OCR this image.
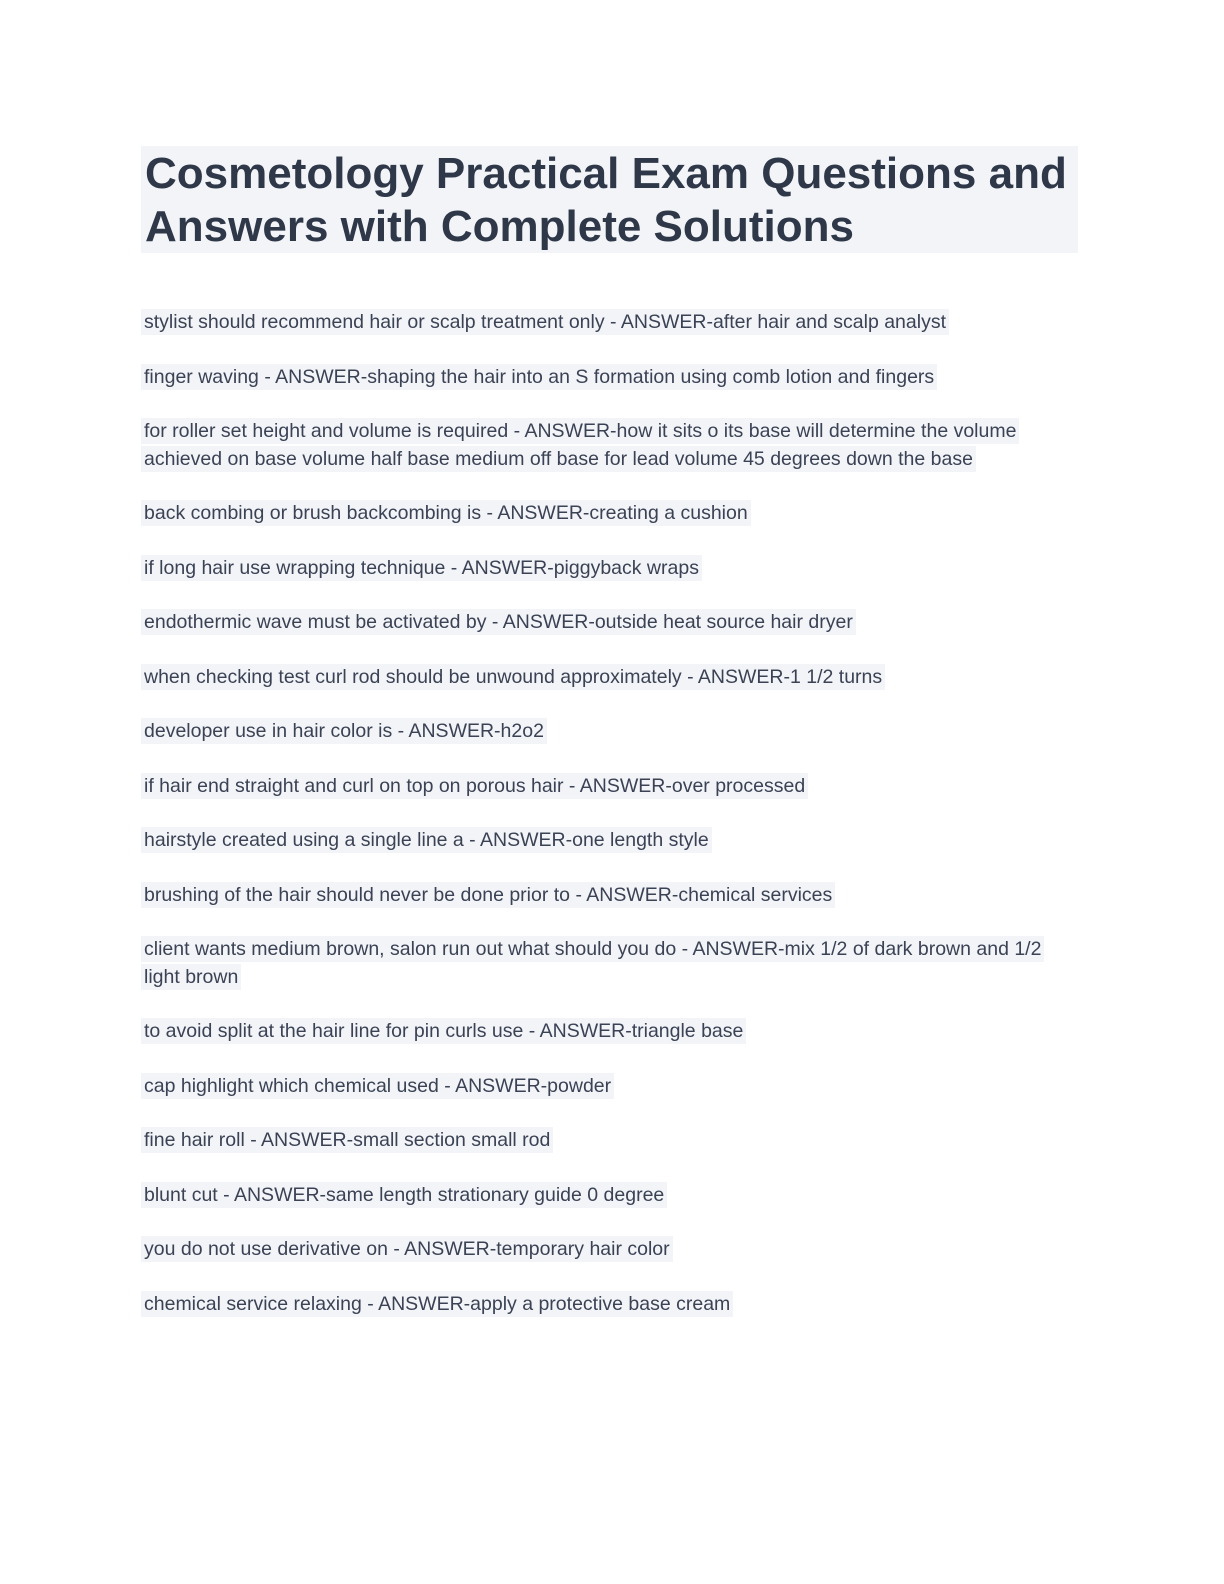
Cosmetology Practical Exam Questions and Answers with Complete Solutions

stylist should recommend hair or scalp treatment only - ANSWER-after hair and scalp analyst

finger waving - ANSWER-shaping the hair into an S formation using comb lotion and fingers

for roller set height and volume is required - ANSWER-how it sits o its base will determine the volume achieved on base volume half base medium off base for lead volume 45 degrees down the base

back combing or brush backcombing is - ANSWER-creating a cushion

if long hair use wrapping technique - ANSWER-piggyback wraps

endothermic wave must be activated by - ANSWER-outside heat source hair dryer

when checking test curl rod should be unwound approximately - ANSWER-1 1/2 turns

developer use in hair color is - ANSWER-h2o2

if hair end straight and curl on top on porous hair - ANSWER-over processed

hairstyle created using a single line a - ANSWER-one length style

brushing of the hair should never be done prior to - ANSWER-chemical services

client wants medium brown, salon run out what should you do - ANSWER-mix 1/2 of dark brown and 1/2 light brown

to avoid split at the hair line for pin curls use - ANSWER-triangle base

cap highlight which chemical used - ANSWER-powder

fine hair roll - ANSWER-small section small rod

blunt cut - ANSWER-same length strationary guide 0 degree

you do not use derivative on - ANSWER-temporary hair color

chemical service relaxing - ANSWER-apply a protective base cream
